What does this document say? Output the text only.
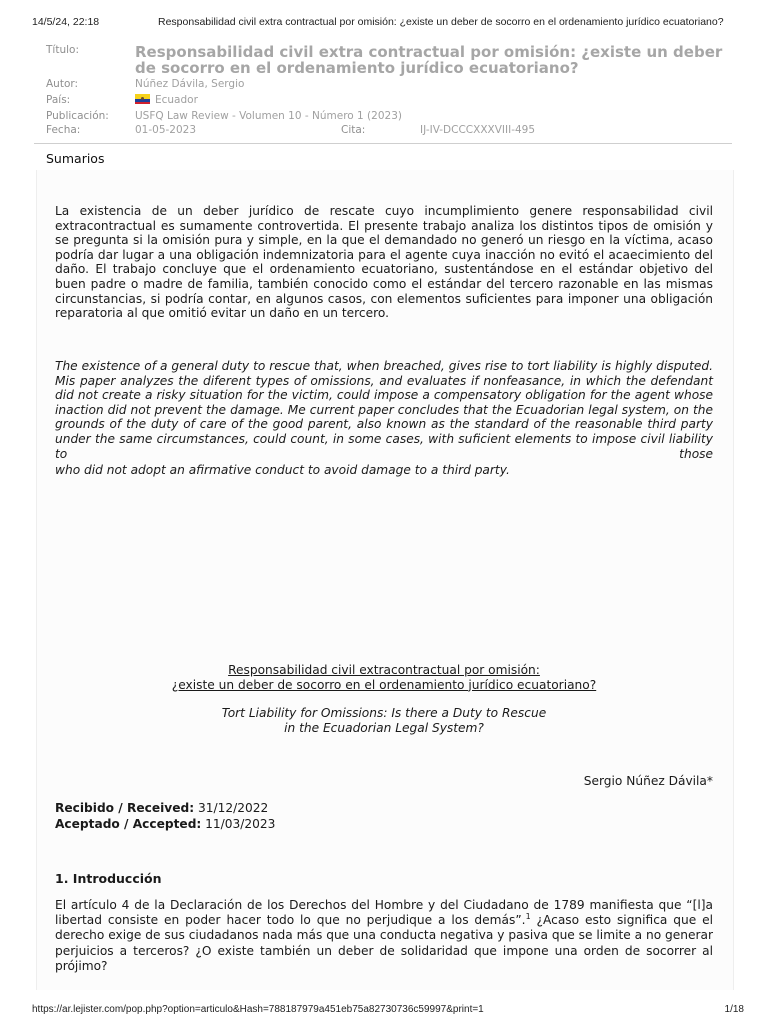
14/5/24, 22:18	Responsabilidad civil extra contractual por omisión: ¿existe un deber de socorro en el ordenamiento jurídico ecuatoriano?
Título:	Responsabilidad civil extra contractual por omisión: ¿existe un deber de socorro en el ordenamiento jurídico ecuatoriano?
Autor:	Núñez Dávila, Sergio
País:	Ecuador
Publicación: USFQ Law Review - Volumen 10 - Número 1 (2023)
Fecha:	01-05-2023	Cita:	IJ-IV-DCCCXXXVIII-495
Sumarios

La existencia de un deber jurídico de rescate cuyo incumplimiento genere responsabilidad civil extracontractual es sumamente controvertida. El presente trabajo analiza los distintos tipos de omisión y se pregunta si la omisión pura y simple, en la que el demandado no generó un riesgo en la víctima, acaso podría dar lugar a una obligación indemnizatoria para el agente cuya inacción no evitó el acaecimiento del daño. El trabajo concluye que el ordenamiento ecuatoriano, sustentándose en el estándar objetivo del buen padre o madre de familia, también conocido como el estándar del tercero razonable en las mismas circunstancias, si podría contar, en algunos casos, con elementos suficientes para imponer una obligación reparatoria al que omitió evitar un daño en un tercero.

The existence of a general duty to rescue that, when breached, gives rise to tort liability is highly disputed. Mis paper analyzes the diferent types of omissions, and evaluates if nonfeasance, in which the defendant did not create a risky situation for the victim, could impose a compensatory obligation for the agent whose inaction did not prevent the damage. Me current paper concludes that the Ecuadorian legal system, on the grounds of the duty of care of the good parent, also known as the standard of the reasonable third party under the same circumstances, could count, in some cases, with suficient elements to impose civil liability to those

who did not adopt an afirmative conduct to avoid damage to a third party.

Responsabilidad civil extracontractual por omisión:
¿existe un deber de socorro en el ordenamiento jurídico ecuatoriano?
Tort Liability for Omissions: Is there a Duty to Rescue
in the Ecuadorian Legal System?
Sergio Núñez Dávila*
Recibido / Received: 31/12/2022
Aceptado / Accepted: 11/03/2023
1. Introducción

El artículo 4 de la Declaración de los Derechos del Hombre y del Ciudadano de 1789 manifiesta que “[l]a libertad consiste en poder hacer todo lo que no perjudique a los demás”.$^1$ ¿Acaso esto significa que el derecho exige de sus ciudadanos nada más que una conducta negativa y pasiva que se limite a no generar perjuicios a terceros? ¿O existe también un deber de solidaridad que impone una orden de socorrer al prójimo?

https://ar.lejister.com/pop.php?option=articulo&Hash=788187979a451eb75a82730736c59997&print=1	1/18
